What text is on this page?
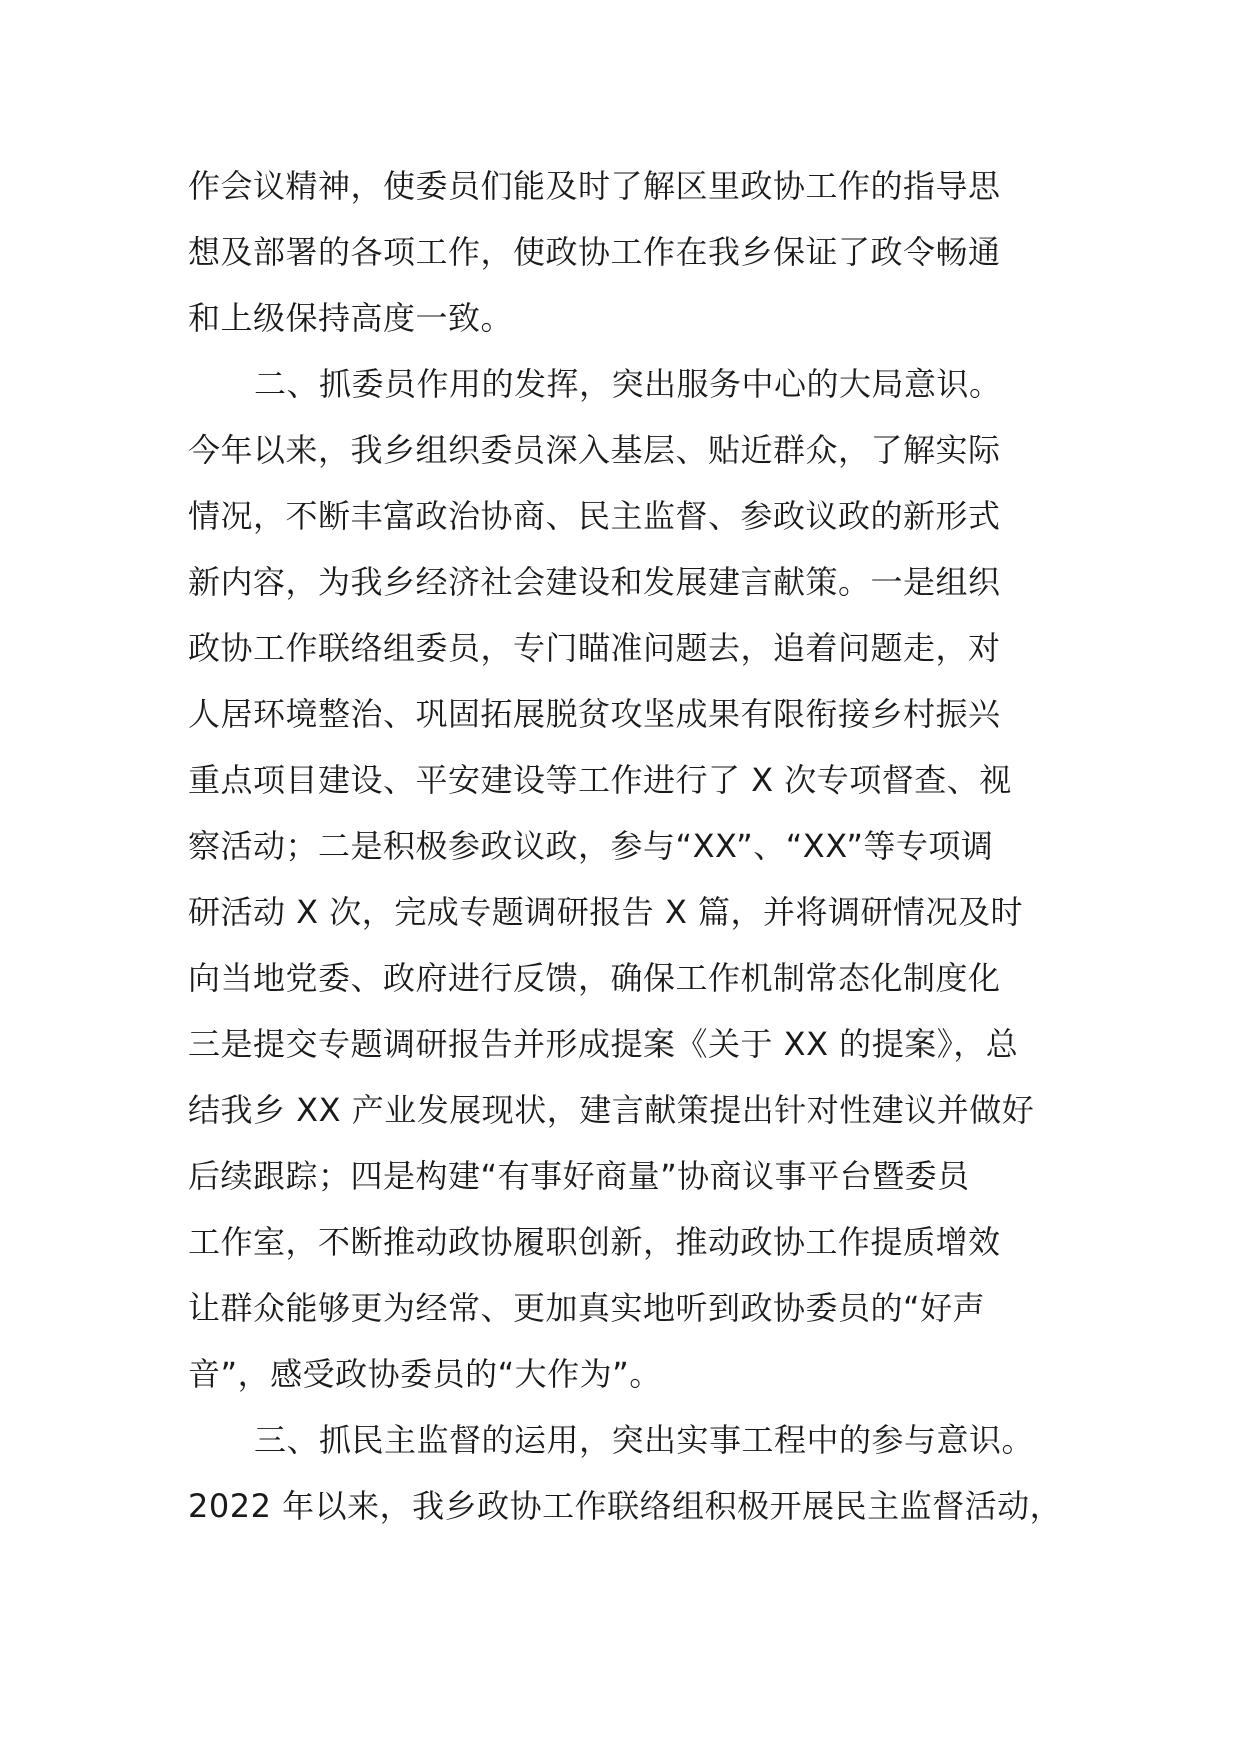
作会议精神，使委员们能及时了解区里政协工作的指导思
想及部署的各项工作，使政协工作在我乡保证了政令畅通
和上级保持高度一致。
二、抓委员作用的发挥，突出服务中心的大局意识。
今年以来，我乡组织委员深入基层、贴近群众，了解实际
情况，不断丰富政治协商、民主监督、参政议政的新形式
新内容，为我乡经济社会建设和发展建言献策。一是组织
政协工作联络组委员，专门瞄准问题去，追着问题走，对
人居环境整治、巩固拓展脱贫攻坚成果有限衔接乡村振兴
重点项目建设、平安建设等工作进行了 X 次专项督查、视
察活动；二是积极参政议政，参与“XX”、“XX”等专项调
研活动 X 次，完成专题调研报告 X 篇，并将调研情况及时
向当地党委、政府进行反馈，确保工作机制常态化制度化
三是提交专题调研报告并形成提案《关于 XX 的提案》，总
结我乡 XX 产业发展现状，建言献策提出针对性建议并做好
后续跟踪；四是构建“有事好商量”协商议事平台暨委员
工作室，不断推动政协履职创新，推动政协工作提质增效
让群众能够更为经常、更加真实地听到政协委员的“好声
音”，感受政协委员的“大作为”。
三、抓民主监督的运用，突出实事工程中的参与意识。
2022 年以来，我乡政协工作联络组积极开展民主监督活动，
